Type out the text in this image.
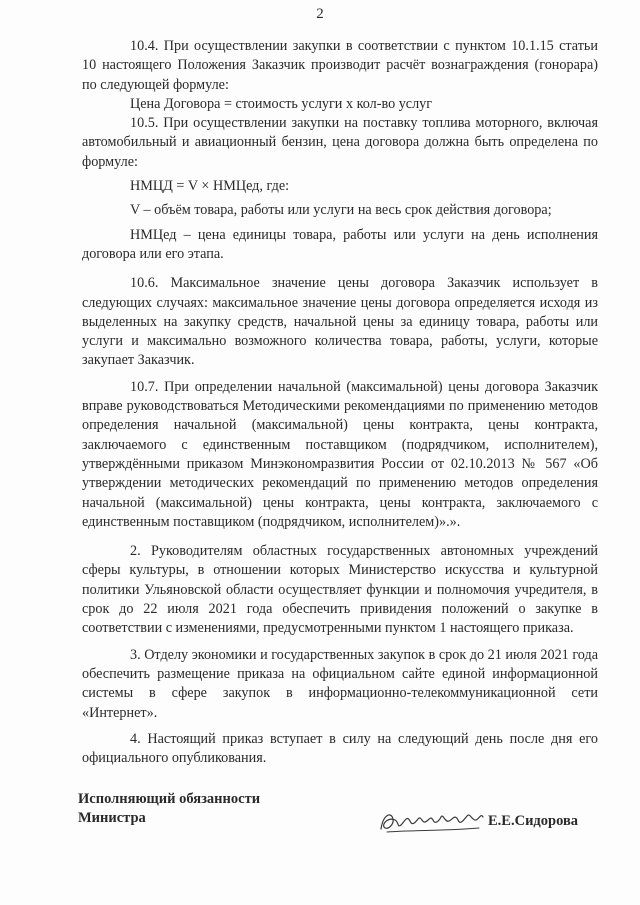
2

10.4. При осуществлении закупки в соответствии с пунктом 10.1.15 статьи 10 настоящего Положения Заказчик производит расчёт вознаграждения (гонорара) по следующей формуле:

Цена Договора = стоимость услуги х кол-во услуг

10.5. При осуществлении закупки на поставку топлива моторного, включая автомобильный и авиационный бензин, цена договора должна быть определена по формуле:

НМЦД = V × НМЦед, где:

V – объём товара, работы или услуги на весь срок действия договора;

НМЦед – цена единицы товара, работы или услуги на день исполнения договора или его этапа.

10.6. Максимальное значение цены договора Заказчик использует в следующих случаях: максимальное значение цены договора определяется исходя из выделенных на закупку средств, начальной цены за единицу товара, работы или услуги и максимально возможного количества товара, работы, услуги, которые закупает Заказчик.

10.7. При определении начальной (максимальной) цены договора Заказчик вправе руководствоваться Методическими рекомендациями по применению методов определения начальной (максимальной) цены контракта, цены контракта, заключаемого с единственным поставщиком (подрядчиком, исполнителем), утверждёнными приказом Минэкономразвития России от 02.10.2013 № 567 «Об утверждении методических рекомендаций по применению методов определения начальной (максимальной) цены контракта, цены контракта, заключаемого с единственным поставщиком (подрядчиком, исполнителем)».».

2. Руководителям областных государственных автономных учреждений сферы культуры, в отношении которых Министерство искусства и культурной политики Ульяновской области осуществляет функции и полномочия учредителя, в срок до 22 июля 2021 года обеспечить привидения положений о закупке в соответствии с изменениями, предусмотренными пунктом 1 настоящего приказа.

3. Отделу экономики и государственных закупок в срок до 21 июля 2021 года обеспечить размещение приказа на официальном сайте единой информационной системы в сфере закупок в информационно-телекоммуникационной сети «Интернет».

4. Настоящий приказ вступает в силу на следующий день после дня его официального опубликования.

Исполняющий обязанности
Министра	Е.Е.Сидорова
